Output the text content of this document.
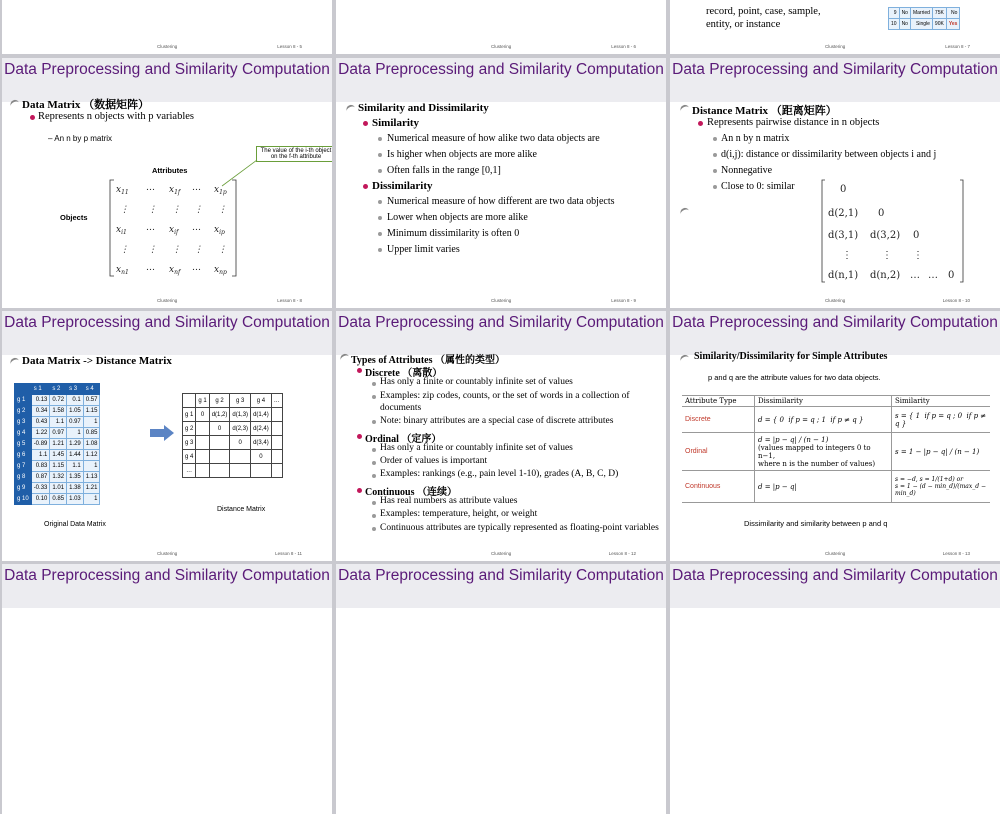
Clustering	Lesson 8 - 5	Clustering	Lesson 8 - 6
record, point, case, sample,
entity, or instance
9	No	Married	75K	No
10	No	Single	90K	Yes
Clustering	Lesson 8 - 7
Data Preprocessing and Similarity Computation
Data Matrix （数据矩阵）
Represents n objects with p variables
– An n by p matrix
Attributes
Objects
The value of the i-th object on the f-th attribute
$x_{11}$ … $x_{1f}$ … $x_{1p}$
⋮ ⋮ ⋮ ⋮ ⋮
$x_{i1}$ … $x_{if}$ … $x_{ip}$
⋮ ⋮ ⋮ ⋮ ⋮
$x_{n1}$ … $x_{nf}$ … $x_{np}$
Clustering	Lesson 8 - 8
Data Preprocessing and Similarity Computation
Similarity and Dissimilarity
Similarity
Numerical measure of how alike two data objects are
Is higher when objects are more alike
Often falls in the range [0,1]
Dissimilarity
Numerical measure of how different are two data objects
Lower when objects are more alike
Minimum dissimilarity is often 0
Upper limit varies
Clustering	Lesson 8 - 9
Data Preprocessing and Similarity Computation
Distance Matrix （距离矩阵）
Represents pairwise distance in n objects
An n by n matrix
d(i,j): distance or dissimilarity between objects i and j
Nonnegative
Close to 0: similar	0
d(2,1) 0
d(3,1) d(3,2) 0
⋮	⋮ ⋮
d(n,1) d(n,2) … … 0
Clustering	Lesson 8 - 10
Data Preprocessing and Similarity Computation
Data Matrix -> Distance Matrix
	s 1	s 2	s 3	s 4
g 1	0.13	0.72	0.1	0.57
g 2	0.34	1.58	1.05	1.15
g 3	0.43	1.1	0.97	1
g 4	1.22	0.97	1	0.85
g 5	-0.89	1.21	1.29	1.08
g 6	1.1	1.45	1.44	1.12
g 7	0.83	1.15	1.1	1
g 8	0.87	1.32	1.35	1.13
g 9	-0.33	1.01	1.38	1.21
g 10	0.10	0.85	1.03	1
Original Data Matrix
	g 1	g 2	g 3	g 4	…
g 1	0	d(1,2)	d(1,3)	d(1,4)	
g 2		0	d(2,3)	d(2,4)	
g 3			0	d(3,4)	
g 4				0	
…					
Distance Matrix
Clustering	Lesson 8 - 11
Data Preprocessing and Similarity Computation
Types of Attributes （属性的类型）
Discrete （离散）
Has only a finite or countably infinite set of values
Examples: zip codes, counts, or the set of words in a collection of documents
Note: binary attributes are a special case of discrete attributes
Ordinal （定序）
Has only a finite or countably infinite set of values
Order of values is important
Examples: rankings (e.g., pain level 1-10), grades (A, B, C, D)
Continuous （连续）
Has real numbers as attribute values
Examples: temperature, height, or weight
Continuous attributes are typically represented as floating-point variables
Clustering	Lesson 8 - 12
Data Preprocessing and Similarity Computation
Similarity/Dissimilarity for Simple Attributes
p and q are the attribute values for two data objects.
Attribute Type	Dissimilarity	Similarity
Discrete	d = { 0  if p = q ; 1  if p ≠ q }	s = { 1  if p = q ; 0  if p ≠ q }
Ordinal	d = |p − q| / (n − 1)
(values mapped to integers 0 to n−1,
where n is the number of values)	s = 1 − |p − q| / (n − 1)
Continuous	d = |p − q|	s = −d, s = 1/(1+d) or
s = 1 − (d − min_d)/(max_d − min_d)
Dissimilarity and similarity between p and q
Clustering	Lesson 8 - 13
Data Preprocessing and Similarity Computation Data Preprocessing and Similarity Computation Data Preprocessing and Similarity Computation
